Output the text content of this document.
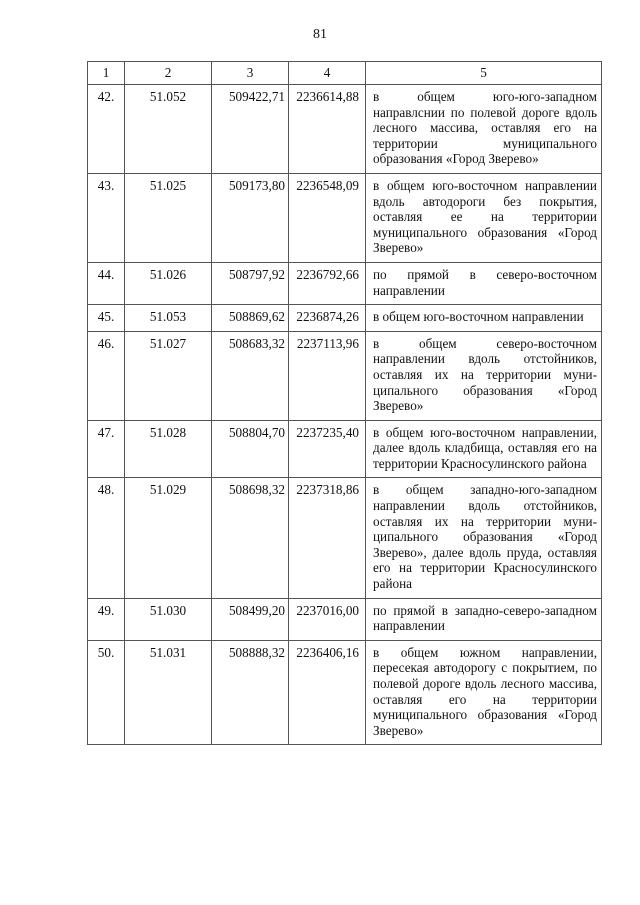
81
1	2	3	4	5
42.	51.052	509422,71	2236614,88	в общем юго-юго-западном направлснии по полевой дороге вдоль лесного массива, оставляя его на территории муниципального образования «Город Зверево»
43.	51.025	509173,80	2236548,09	в общем юго-восточном направлении вдоль автодороги без покрытия, оставляя ее на территории муниципального образования «Город Зверево»
44.	51.026	508797,92	2236792,66	по прямой в северо-восточном направлении
45.	51.053	508869,62	2236874,26	в общем юго-восточном направлении
46.	51.027	508683,32	2237113,96	в общем северо-восточном направлении вдоль отстойников, оставляя их на территории муниципального образования «Город Зверево»
47.	51.028	508804,70	2237235,40	в общем юго-восточном направлении, далее вдоль кладбища, оставляя его на территории Красносулинского района
48.	51.029	508698,32	2237318,86	в общем западно-юго-западном направлении вдоль отстойников, оставляя их на территории муниципального образования «Город Зверево», далее вдоль пруда, оставляя его на территории Красносулинского района
49.	51.030	508499,20	2237016,00	по прямой в западно-северо-западном направлении
50.	51.031	508888,32	2236406,16	в общем южном направлении, пересекая автодорогу с покрытием, по полевой дороге вдоль лесного массива, оставляя его на территории муниципального образования «Город Зверево»
